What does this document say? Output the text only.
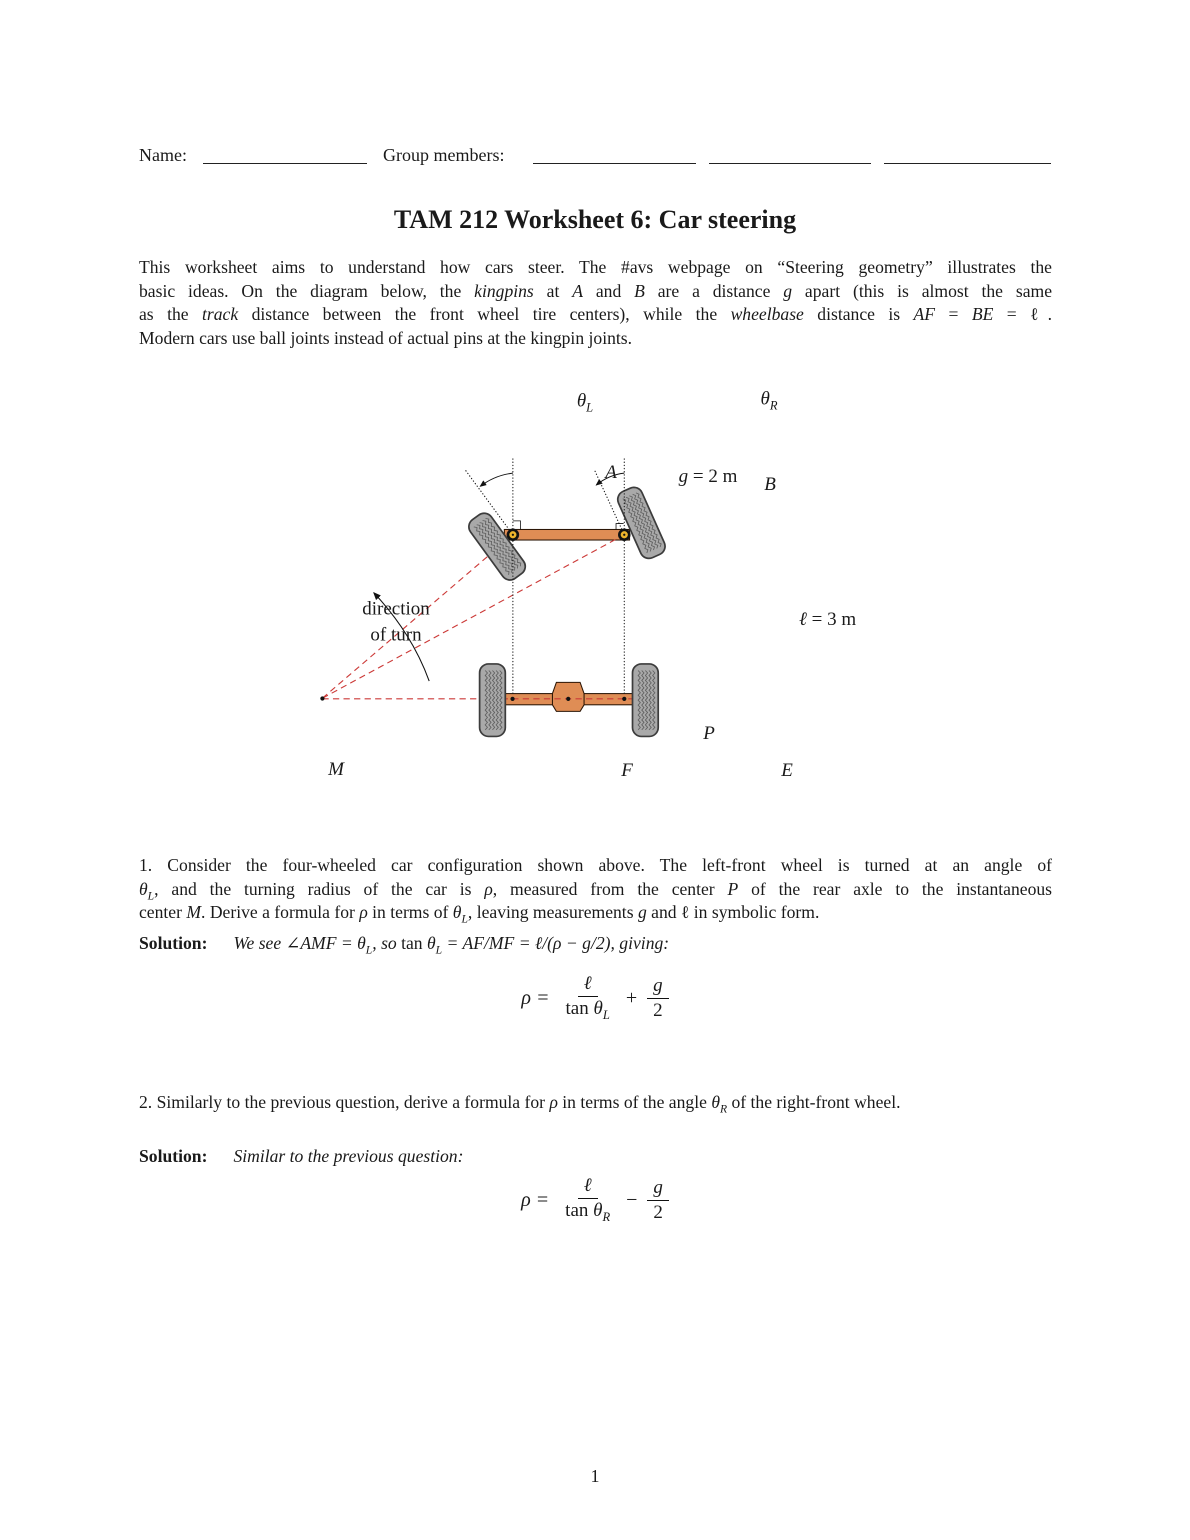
Name:	Group members:
TAM 212 Worksheet 6: Car steering
This worksheet aims to understand how cars steer. The #avs webpage on “Steering geometry” illustrates the
basic ideas. On the diagram below, the kingpins at A and B are a distance g apart (this is almost the same
as the track distance between the front wheel tire centers), while the wheelbase distance is AF = BE = ℓ.
Modern cars use ball joints instead of actual pins at the kingpin joints.
$\theta_L$	$\theta_R$
A
B
g = 2 m
ℓ = 3 m
direction
of turn
M	F	E
P
1. Consider the four-wheeled car configuration shown above. The left-front wheel is turned at an angle of
$\theta_L$, and the turning radius of the car is ρ, measured from the center P of the rear axle to the instantaneous
center M. Derive a formula for ρ in terms of $\theta_L$, leaving measurements g and ℓ in symbolic form.
Solution: We see ∠AMF = $\theta_L$, so $\tan \theta_L = AF/MF$ = ℓ/(ρ − g/2), giving:
$\rho = \frac{\text{ℓ}}{\tan \theta_L} + \frac{g}{2}$
2. Similarly to the previous question, derive a formula for ρ in terms of the angle $\theta_R$ of the right-front wheel.
Solution: Similar to the previous question:
$\rho = \frac{\text{ℓ}}{\tan \theta_R} - \frac{g}{2}$
1
